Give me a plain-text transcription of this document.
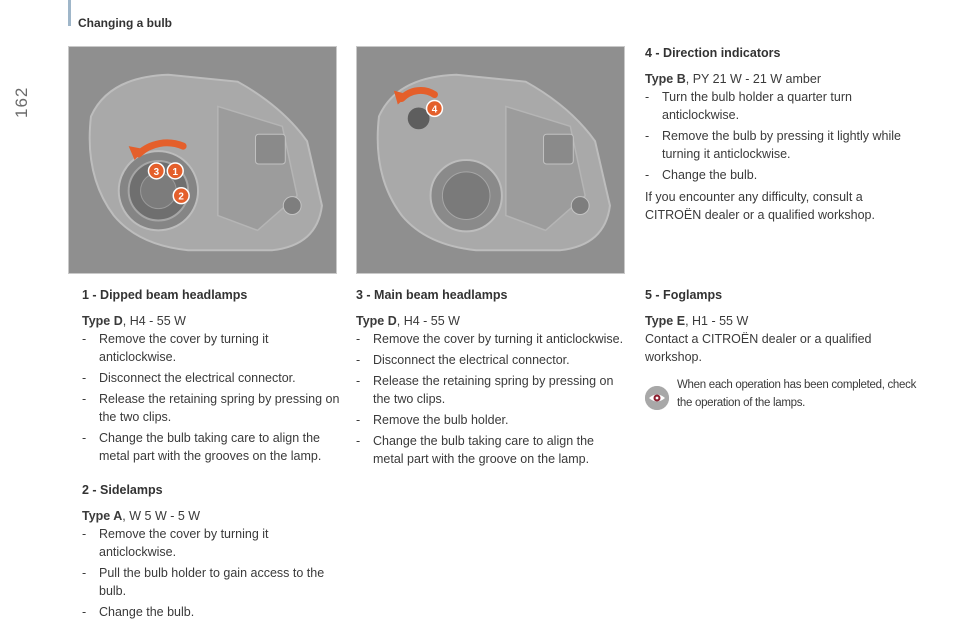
Changing a bulb
162
3 1
2
4
1 - Dipped beam headlamps

Type D, H4 - 55 W

- Remove the cover by turning it anticlockwise.
- Disconnect the electrical connector.
- Release the retaining spring by pressing on the two clips.
- Change the bulb taking care to align the metal part with the grooves on the lamp.
2 - Sidelamps

Type A, W 5 W - 5 W

- Remove the cover by turning it anticlockwise.
- Pull the bulb holder to gain access to the bulb.
- Change the bulb.
3 - Main beam headlamps

Type D, H4 - 55 W

- Remove the cover by turning it anticlockwise.
- Disconnect the electrical connector.
- Release the retaining spring by pressing on the two clips.
- Remove the bulb holder.
- Change the bulb taking care to align the metal part with the groove on the lamp.
4 - Direction indicators

Type B, PY 21 W - 21 W amber

- Turn the bulb holder a quarter turn anticlockwise.
- Remove the bulb by pressing it lightly while turning it anticlockwise.
- Change the bulb.

If you encounter any difficulty, consult a CITROËN dealer or a qualified workshop.

5 - Foglamps

Type E, H1 - 55 W

Contact a CITROËN dealer or a qualified workshop.

When each operation has been completed, check the operation of the lamps.
